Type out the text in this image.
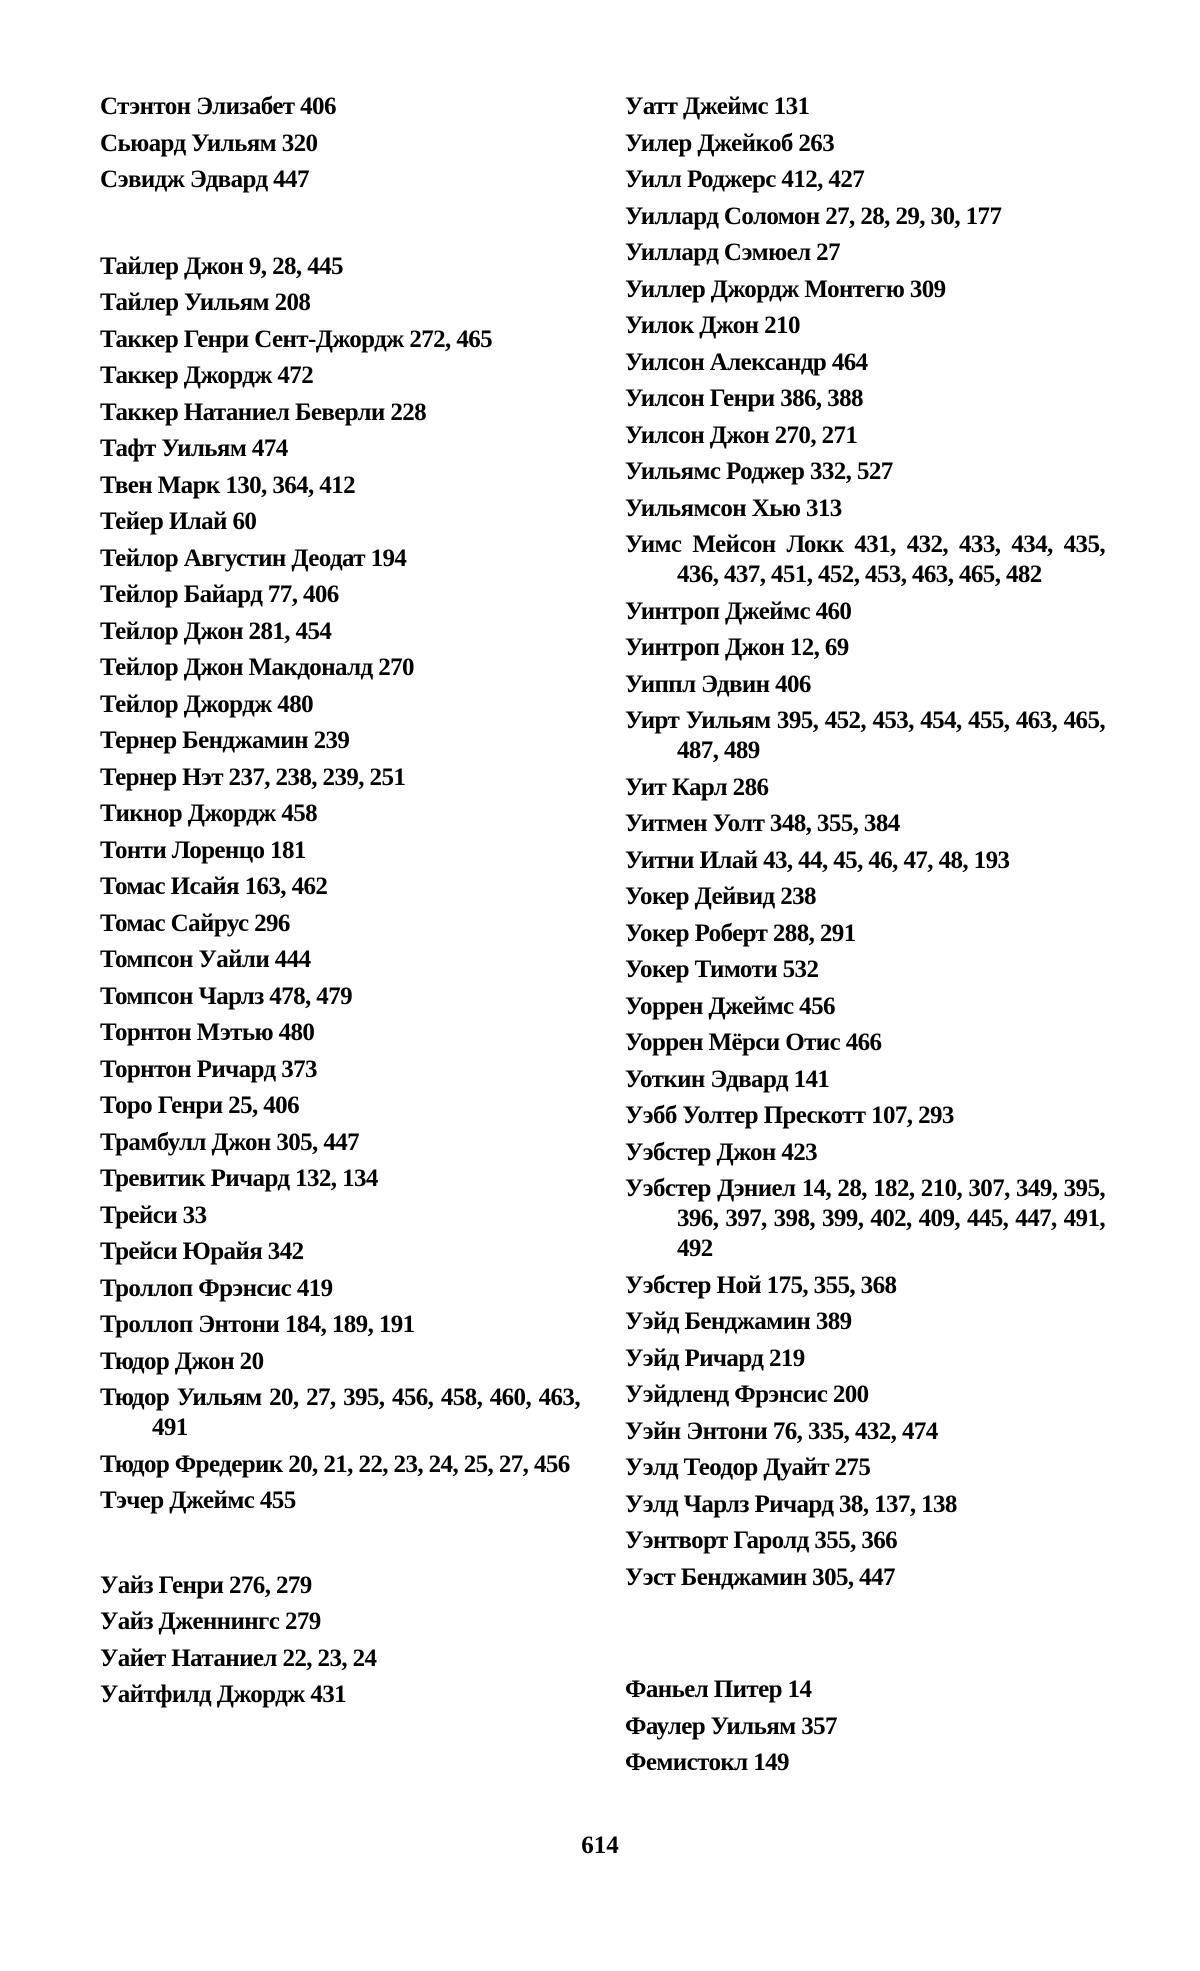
Стэнтон Элизабет 406
Сьюард Уильям 320
Сэвидж Эдвард 447
Тайлер Джон 9, 28, 445
Тайлер Уильям 208
Таккер Генри Сент-Джордж 272, 465
Таккер Джордж 472
Таккер Натаниел Беверли 228
Тафт Уильям 474
Твен Марк 130, 364, 412
Тейер Илай 60
Тейлор Августин Деодат 194
Тейлор Байард 77, 406
Тейлор Джон 281, 454
Тейлор Джон Макдоналд 270
Тейлор Джордж 480
Тернер Бенджамин 239
Тернер Нэт 237, 238, 239, 251
Тикнор Джордж 458
Тонти Лоренцо 181
Томас Исайя 163, 462
Томас Сайрус 296
Томпсон Уайли 444
Томпсон Чарлз 478, 479
Торнтон Мэтью 480
Торнтон Ричард 373
Торо Генри 25, 406
Трамбулл Джон 305, 447
Тревитик Ричард 132, 134
Трейси 33
Трейси Юрайя 342
Троллоп Фрэнсис 419
Троллоп Энтони 184, 189, 191
Тюдор Джон 20
Тюдор Уильям 20, 27, 395, 456, 458, 460, 463, 491
Тюдор Фредерик 20, 21, 22, 23, 24, 25, 27, 456
Тэчер Джеймс 455
Уайз Генри 276, 279
Уайз Дженнингс 279
Уайет Натаниел 22, 23, 24
Уайтфилд Джордж 431
Уатт Джеймс 131
Уилер Джейкоб 263
Уилл Роджерс 412, 427
Уиллард Соломон 27, 28, 29, 30, 177
Уиллард Сэмюел 27
Уиллер Джордж Монтегю 309
Уилок Джон 210
Уилсон Александр 464
Уилсон Генри 386, 388
Уилсон Джон 270, 271
Уильямс Роджер 332, 527
Уильямсон Хью 313
Уимс Мейсон Локк 431, 432, 433, 434, 435, 436, 437, 451, 452, 453, 463, 465, 482
Уинтроп Джеймс 460
Уинтроп Джон 12, 69
Уиппл Эдвин 406
Уирт Уильям 395, 452, 453, 454, 455, 463, 465, 487, 489
Уит Карл 286
Уитмен Уолт 348, 355, 384
Уитни Илай 43, 44, 45, 46, 47, 48, 193
Уокер Дейвид 238
Уокер Роберт 288, 291
Уокер Тимоти 532
Уоррен Джеймс 456
Уоррен Мёрси Отис 466
Уоткин Эдвард 141
Уэбб Уолтер Прескотт 107, 293
Уэбстер Джон 423
Уэбстер Дэниел 14, 28, 182, 210, 307, 349, 395, 396, 397, 398, 399, 402, 409, 445, 447, 491, 492
Уэбстер Ной 175, 355, 368
Уэйд Бенджамин 389
Уэйд Ричард 219
Уэйдленд Фрэнсис 200
Уэйн Энтони 76, 335, 432, 474
Уэлд Теодор Дуайт 275
Уэлд Чарлз Ричард 38, 137, 138
Уэнтворт Гаролд 355, 366
Уэст Бенджамин 305, 447
Фаньел Питер 14
Фаулер Уильям 357
Фемистокл 149
614
